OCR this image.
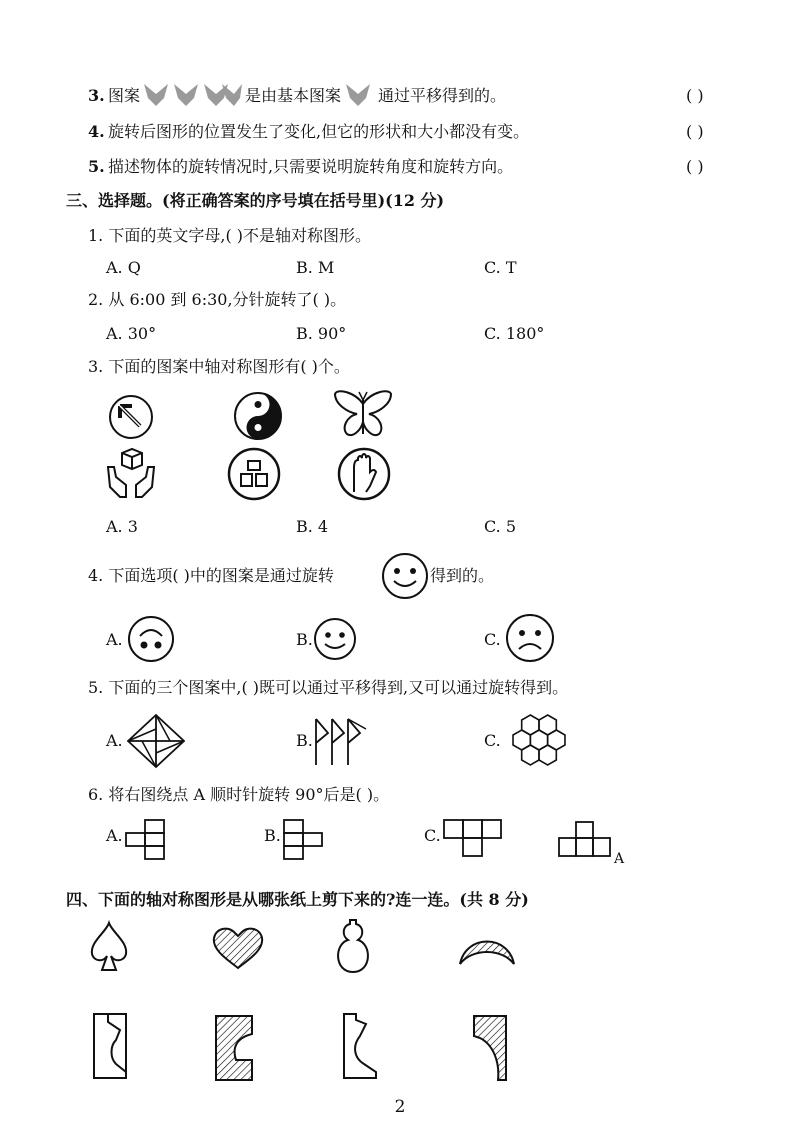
3. 图案	是由基本图案 通过平移得到的。	( )
4. 旋转后图形的位置发生了变化,但它的形状和大小都没有变。	( )
5. 描述物体的旋转情况时,只需要说明旋转角度和旋转方向。	( )
三、选择题。(将正确答案的序号填在括号里)(12 分)
1. 下面的英文字母,( )不是轴对称图形。
A. Q	B. M	C. T
2. 从 6:00 到 6:30,分针旋转了( )。
A. 30°	B. 90°	C. 180°
3. 下面的图案中轴对称图形有( )个。
A. 3	B. 4	C. 5
4. 下面选项( )中的图案是通过旋转	得到的。
A.	B.	C.
5. 下面的三个图案中,( )既可以通过平移得到,又可以通过旋转得到。
A.	B.	C.
6. 将右图绕点 A 顺时针旋转 90°后是( )。
A.	B.	C.
A
四、下面的轴对称图形是从哪张纸上剪下来的?连一连。(共 8 分)
2
